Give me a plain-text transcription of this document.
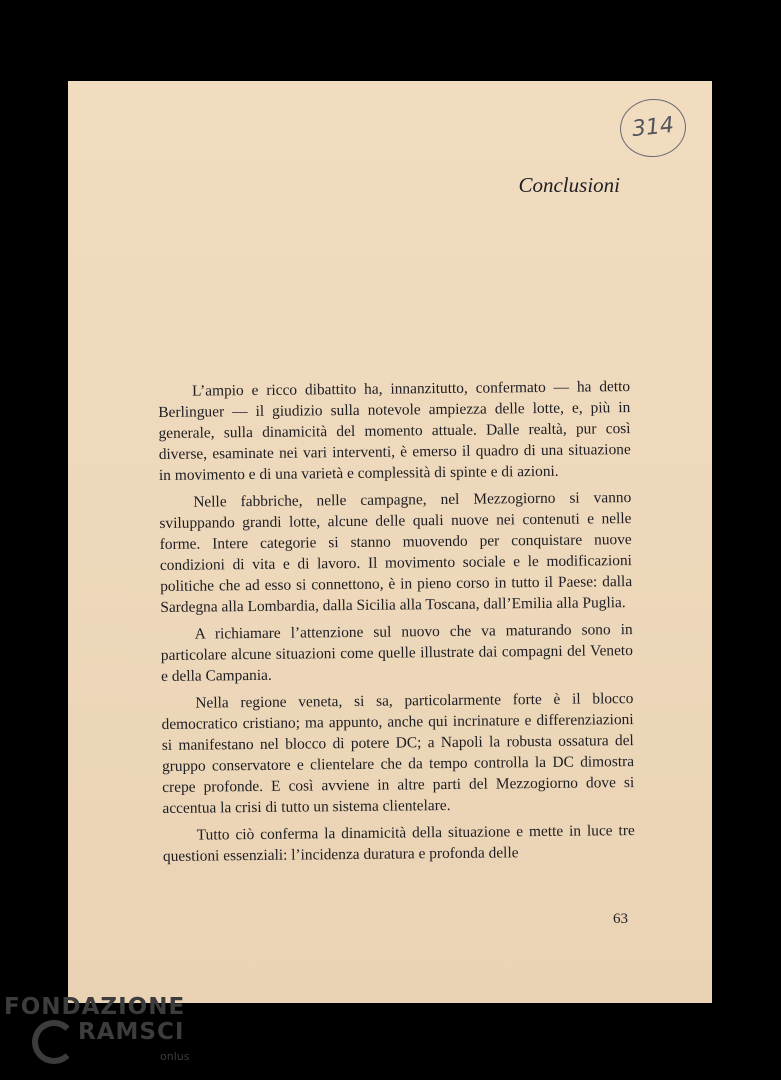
314
Conclusioni

L’ampio e ricco dibattito ha, innanzitutto, confermato — ha detto Berlinguer — il giudizio sulla notevole ampiezza delle lotte, e, più in generale, sulla dinamicità del momento attuale. Dalle realtà, pur così diverse, esaminate nei vari interventi, è emerso il quadro di una situazione in movimento e di una varietà e complessità di spinte e di azioni.

Nelle fabbriche, nelle campagne, nel Mezzogiorno si vanno sviluppando grandi lotte, alcune delle quali nuove nei contenuti e nelle forme. Intere categorie si stanno muovendo per conquistare nuove condizioni di vita e di lavoro. Il movimento sociale e le modificazioni politiche che ad esso si connettono, è in pieno corso in tutto il Paese: dalla Sardegna alla Lombardia, dalla Sicilia alla Toscana, dall’Emilia alla Puglia.

A richiamare l’attenzione sul nuovo che va maturando sono in particolare alcune situazioni come quelle illustrate dai compagni del Veneto e della Campania.

Nella regione veneta, si sa, particolarmente forte è il blocco democratico cristiano; ma appunto, anche qui incrinature e differenziazioni si manifestano nel blocco di potere DC; a Napoli la robusta ossatura del gruppo conservatore e clientelare che da tempo controlla la DC dimostra crepe profonde. E così avviene in altre parti del Mezzogiorno dove si accentua la crisi di tutto un sistema clientelare.

Tutto ciò conferma la dinamicità della situazione e mette in luce tre questioni essenziali: l’incidenza duratura e profonda delle

63
FONDAZIONE
RAMSCI
onlus
